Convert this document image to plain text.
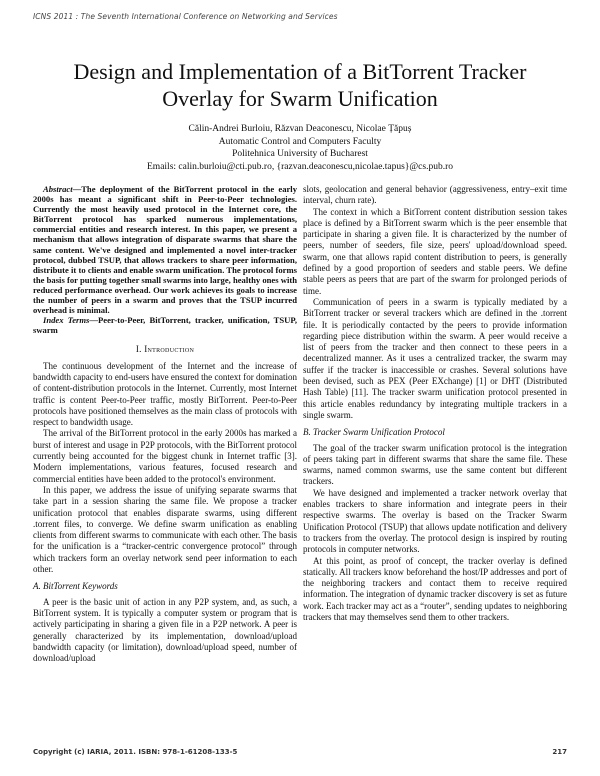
ICNS 2011 : The Seventh International Conference on Networking and Services
Design and Implementation of a BitTorrent Tracker
Overlay for Swarm Unification
Călin-Andrei Burloiu, Răzvan Deaconescu, Nicolae Țăpuș
Automatic Control and Computers Faculty
Politehnica University of Bucharest
Emails: calin.burloiu@cti.pub.ro, {razvan.deaconescu,nicolae.tapus}@cs.pub.ro

Abstract—The deployment of the BitTorrent protocol in the early 2000s has meant a significant shift in Peer-to-Peer technologies. Currently the most heavily used protocol in the Internet core, the BitTorrent protocol has sparked numerous implementations, commercial entities and research interest. In this paper, we present a mechanism that allows integration of disparate swarms that share the same content. We've designed and implemented a novel inter-tracker protocol, dubbed TSUP, that allows trackers to share peer information, distribute it to clients and enable swarm unification. The protocol forms the basis for putting together small swarms into large, healthy ones with reduced performance overhead. Our work achieves its goals to increase the number of peers in a swarm and proves that the TSUP incurred overhead is minimal.

Index Terms—Peer-to-Peer, BitTorrent, tracker, unification, TSUP, swarm

I. Introduction

The continuous development of the Internet and the increase of bandwidth capacity to end-users have ensured the context for domination of content-distribution protocols in the Internet. Currently, most Internet traffic is content Peer-to-Peer traffic, mostly BitTorrent. Peer-to-Peer protocols have positioned themselves as the main class of protocols with respect to bandwidth usage.

The arrival of the BitTorrent protocol in the early 2000s has marked a burst of interest and usage in P2P protocols, with the BitTorrent protocol currently being accounted for the biggest chunk in Internet traffic [3]. Modern implementations, various features, focused research and commercial entities have been added to the protocol's environment.

In this paper, we address the issue of unifying separate swarms that take part in a session sharing the same file. We propose a tracker unification protocol that enables disparate swarms, using different .torrent files, to converge. We define swarm unification as enabling clients from different swarms to communicate with each other. The basis for the unification is a “tracker-centric convergence protocol” through which trackers form an overlay network send peer information to each other.

A. BitTorrent Keywords

A peer is the basic unit of action in any P2P system, and, as such, a BitTorrent system. It is typically a computer system or program that is actively participating in sharing a given file in a P2P network. A peer is generally characterized by its implementation, download/upload bandwidth capacity (or limitation), download/upload speed, number of download/upload

slots, geolocation and general behavior (aggressiveness, entry–exit time interval, churn rate).

The context in which a BitTorrent content distribution session takes place is defined by a BitTorrent swarm which is the peer ensemble that participate in sharing a given file. It is characterized by the number of peers, number of seeders, file size, peers' upload/download speed. swarm, one that allows rapid content distribution to peers, is generally defined by a good proportion of seeders and stable peers. We define stable peers as peers that are part of the swarm for prolonged periods of time.

Communication of peers in a swarm is typically mediated by a BitTorrent tracker or several trackers which are defined in the .torrent file. It is periodically contacted by the peers to provide information regarding piece distribution within the swarm. A peer would receive a list of peers from the tracker and then connect to these peers in a decentralized manner. As it uses a centralized tracker, the swarm may suffer if the tracker is inaccessible or crashes. Several solutions have been devised, such as PEX (Peer EXchange) [1] or DHT (Distributed Hash Table) [11]. The tracker swarm unification protocol presented in this article enables redundancy by integrating multiple trackers in a single swarm.

B. Tracker Swarm Unification Protocol

The goal of the tracker swarm unification protocol is the integration of peers taking part in different swarms that share the same file. These swarms, named common swarms, use the same content but different trackers.

We have designed and implemented a tracker network overlay that enables trackers to share information and integrate peers in their respective swarms. The overlay is based on the Tracker Swarm Unification Protocol (TSUP) that allows update notification and delivery to trackers from the overlay. The protocol design is inspired by routing protocols in computer networks.

At this point, as proof of concept, the tracker overlay is defined statically. All trackers know beforehand the host/IP addresses and port of the neighboring trackers and contact them to receive required information. The integration of dynamic tracker discovery is set as future work. Each tracker may act as a “router”, sending updates to neighboring trackers that may themselves send them to other trackers.

Copyright (c) IARIA, 2011. ISBN: 978-1-61208-133-5	217
